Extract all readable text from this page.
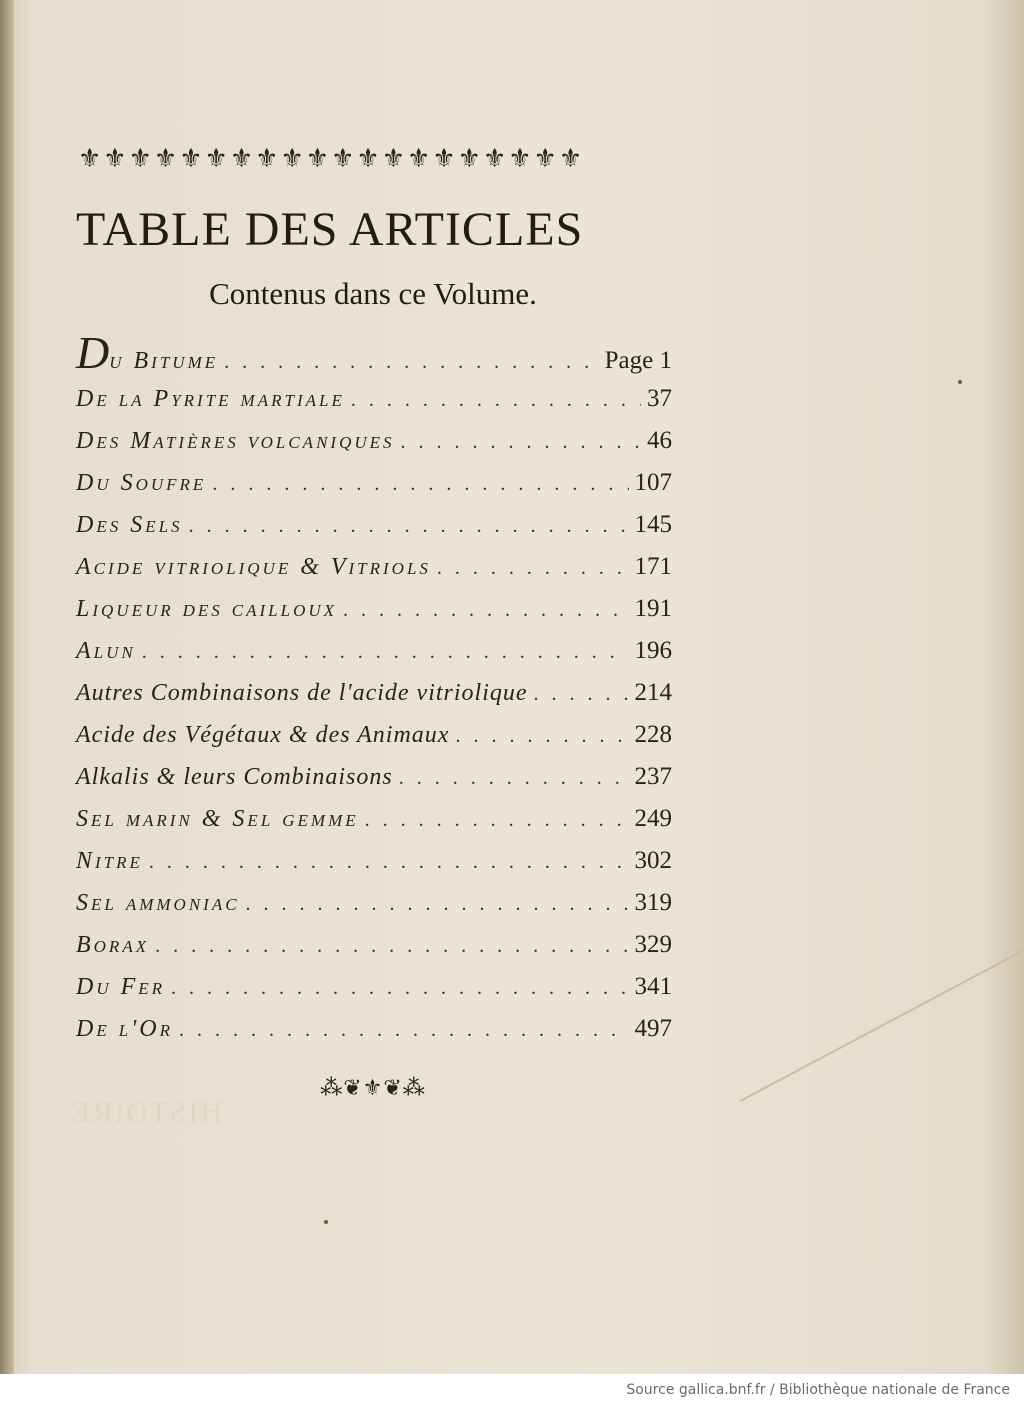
⚜⚜⚜⚜⚜⚜⚜⚜⚜⚜⚜⚜⚜⚜⚜⚜⚜⚜⚜⚜
TABLE DES ARTICLES
Contenus dans ce Volume.
Du Bitume . . .	Page 1
De la Pyrite martiale . . .	37
Des Matières volcaniques . . .	46
Du Soufre . . .	107
Des Sels . . .	145
Acide vitriolique & Vitriols . . .	171
Liqueur des cailloux . . .	191
Alun . . .	196
Autres Combinaisons de l'acide vitriolique . . .	214
Acide des Végétaux & des Animaux . . .	228
Alkalis & leurs Combinaisons . . .	237
Sel marin & Sel gemme . . .	249
Nitre . . .	302
Sel ammoniac . . .	319
Borax . . .	329
Du Fer . . .	341
De l'Or . . .	497
⁂❦⚜❦⁂
HISTOIRE
Source gallica.bnf.fr / Bibliothèque nationale de France
